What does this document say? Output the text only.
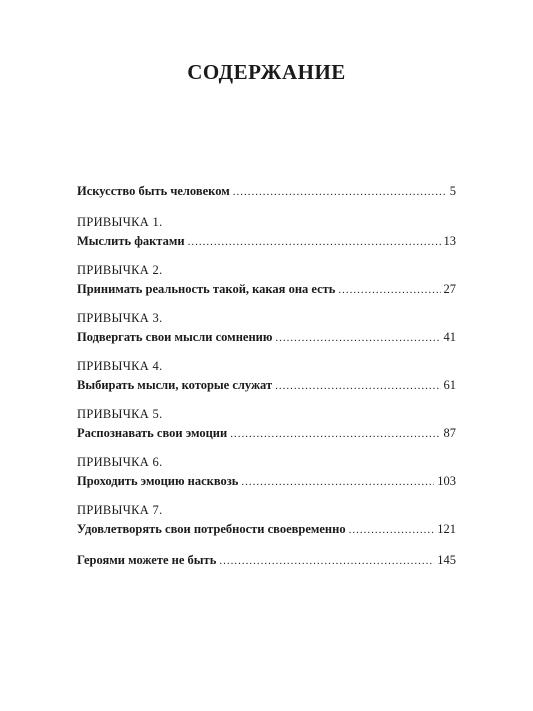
СОДЕРЖАНИЕ
Искусство быть человеком .....	5
ПРИВЫЧКА 1.
Мыслить фактами .....	13
ПРИВЫЧКА 2.
Принимать реальность такой, какая она есть .....	27
ПРИВЫЧКА 3.
Подвергать свои мысли сомнению .....	41
ПРИВЫЧКА 4.
Выбирать мысли, которые служат .....	61
ПРИВЫЧКА 5.
Распознавать свои эмоции .....	87
ПРИВЫЧКА 6.
Проходить эмоцию насквозь .....	103
ПРИВЫЧКА 7.
Удовлетворять свои потребности своевременно .....	121
Героями можете не быть .....	145
